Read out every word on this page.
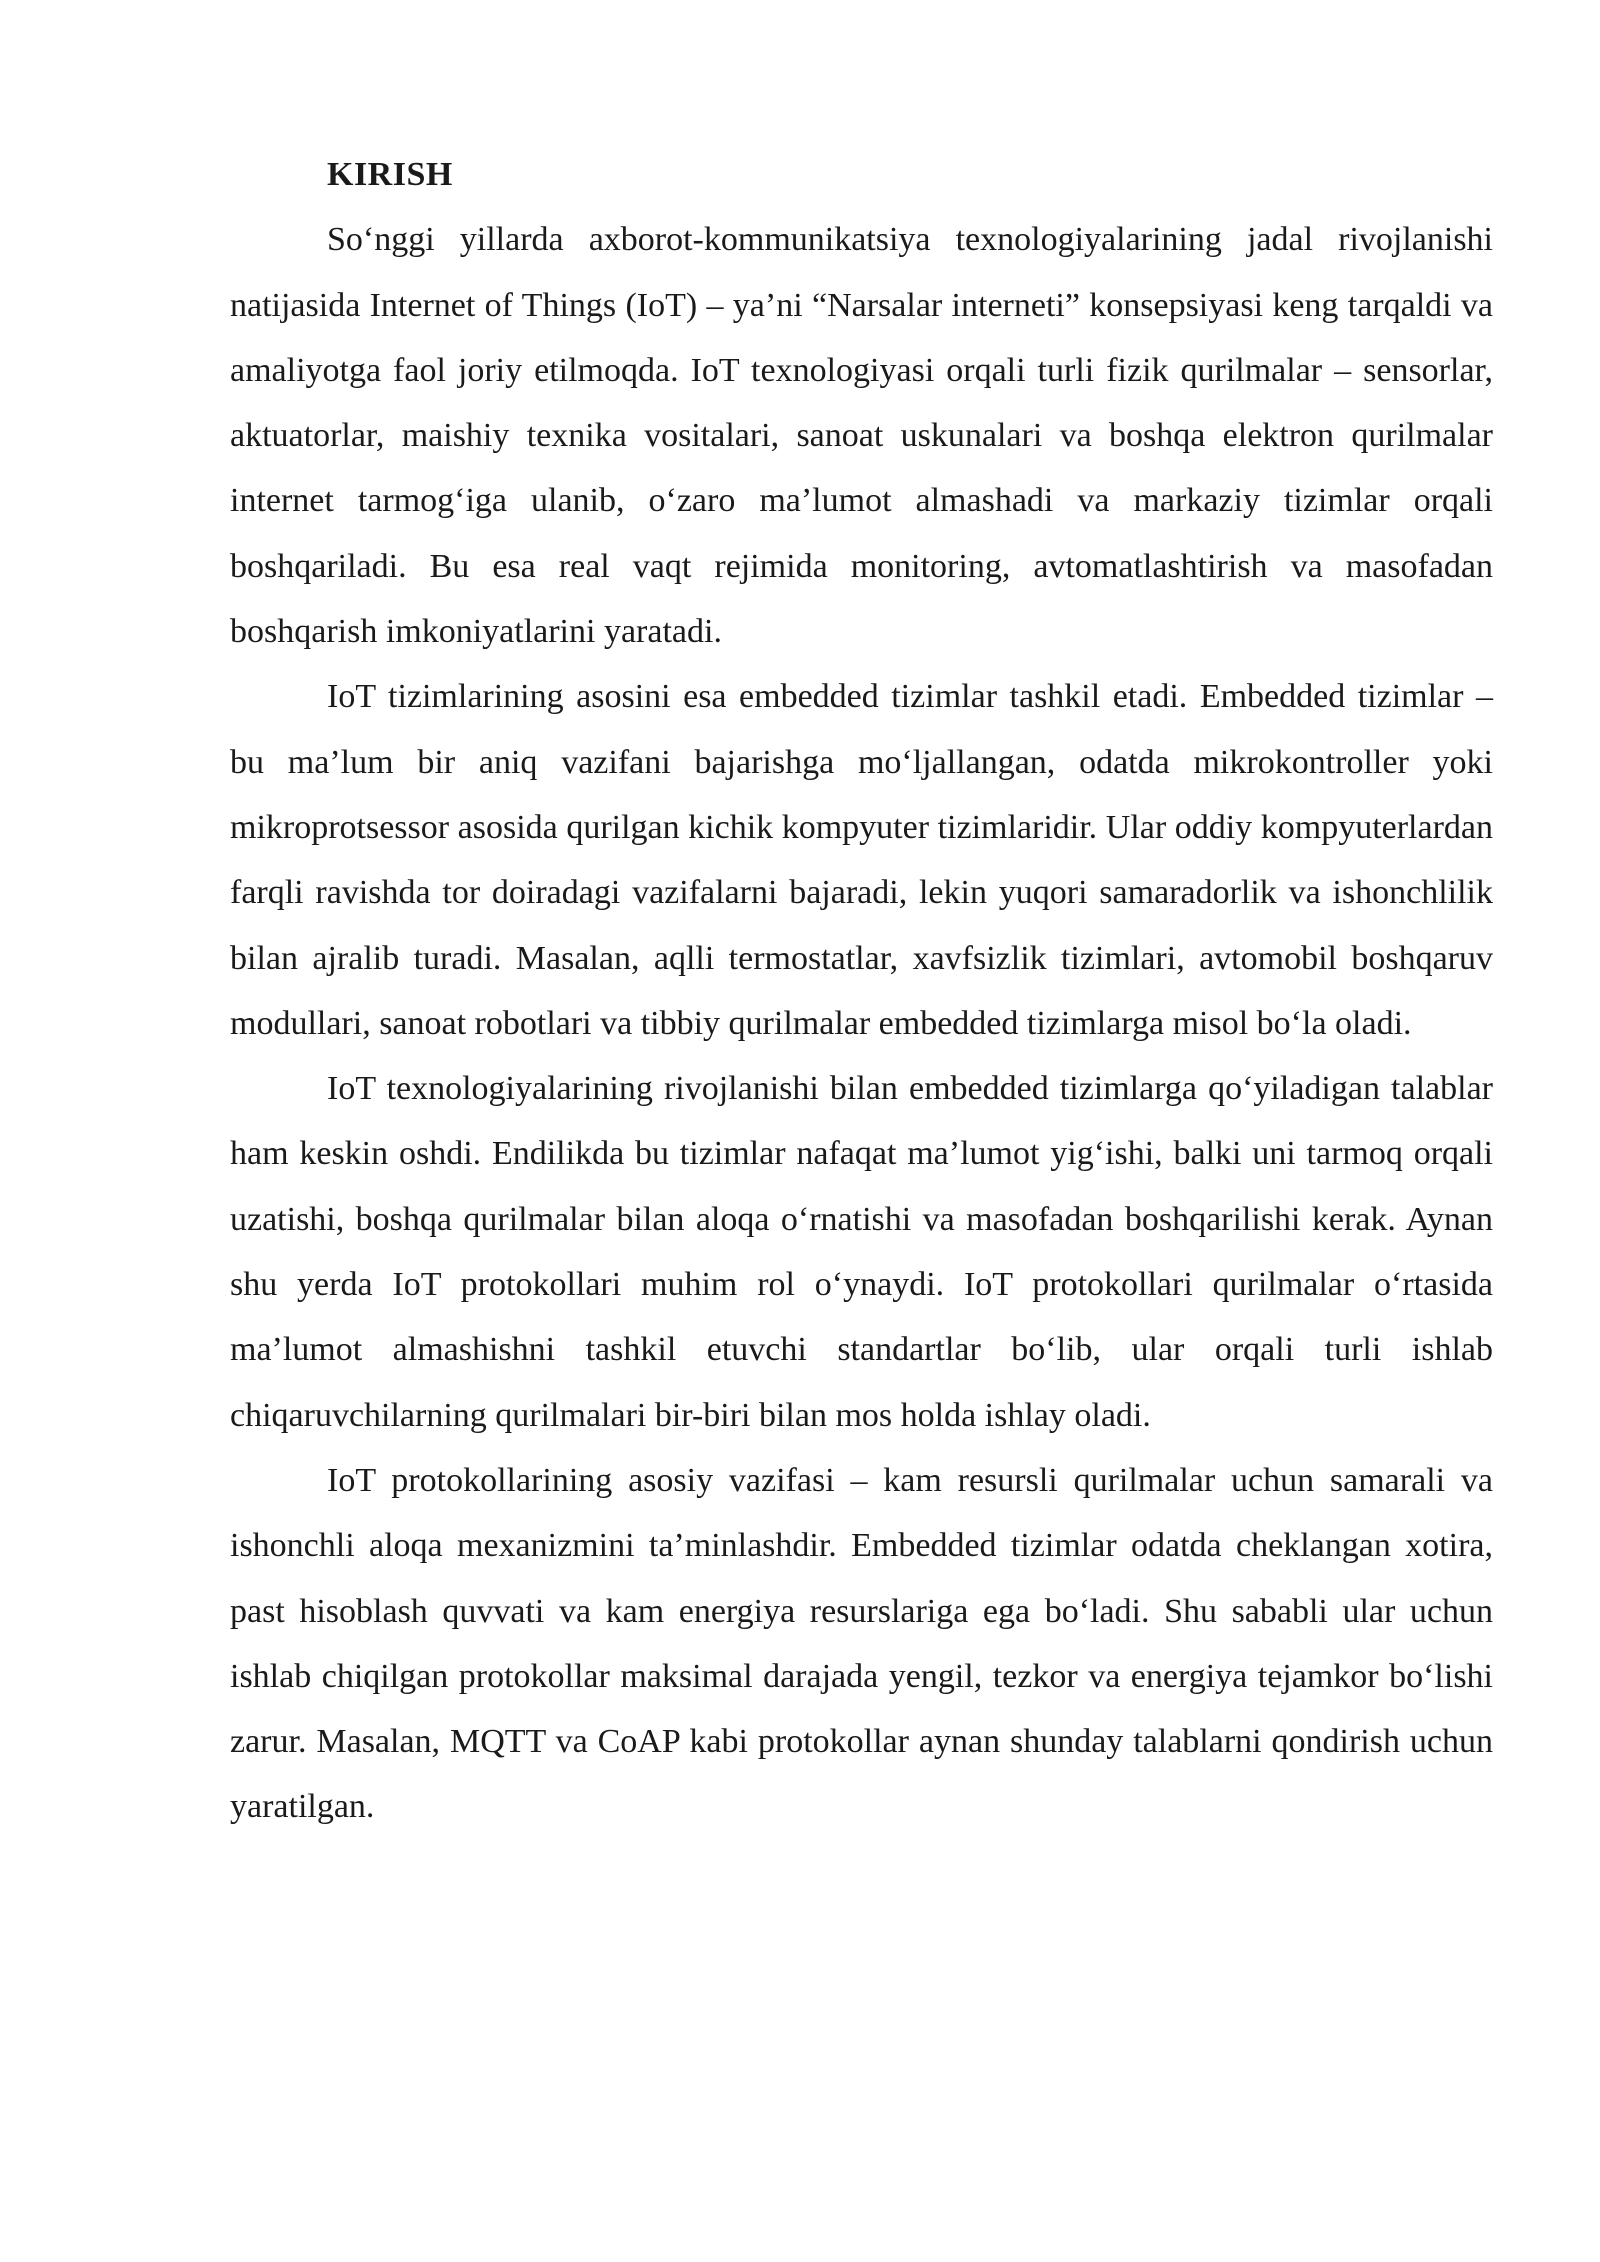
KIRISH

So‘nggi yillarda axborot-kommunikatsiya texnologiyalarining jadal rivojlanishi natijasida Internet of Things (IoT) – ya’ni “Narsalar interneti” konsepsiyasi keng tarqaldi va amaliyotga faol joriy etilmoqda. IoT texnologiyasi orqali turli fizik qurilmalar – sensorlar, aktuatorlar, maishiy texnika vositalari, sanoat uskunalari va boshqa elektron qurilmalar internet tarmog‘iga ulanib, o‘zaro ma’lumot almashadi va markaziy tizimlar orqali boshqariladi. Bu esa real vaqt rejimida monitoring, avtomatlashtirish va masofadan boshqarish imkoniyatlarini yaratadi.

IoT tizimlarining asosini esa embedded tizimlar tashkil etadi. Embedded tizimlar – bu ma’lum bir aniq vazifani bajarishga mo‘ljallangan, odatda mikrokontroller yoki mikroprotsessor asosida qurilgan kichik kompyuter tizimlaridir. Ular oddiy kompyuterlardan farqli ravishda tor doiradagi vazifalarni bajaradi, lekin yuqori samaradorlik va ishonchlilik bilan ajralib turadi. Masalan, aqlli termostatlar, xavfsizlik tizimlari, avtomobil boshqaruv modullari, sanoat robotlari va tibbiy qurilmalar embedded tizimlarga misol bo‘la oladi.

IoT texnologiyalarining rivojlanishi bilan embedded tizimlarga qo‘yiladigan talablar ham keskin oshdi. Endilikda bu tizimlar nafaqat ma’lumot yig‘ishi, balki uni tarmoq orqali uzatishi, boshqa qurilmalar bilan aloqa o‘rnatishi va masofadan boshqarilishi kerak. Aynan shu yerda IoT protokollari muhim rol o‘ynaydi. IoT protokollari qurilmalar o‘rtasida ma’lumot almashishni tashkil etuvchi standartlar bo‘lib, ular orqali turli ishlab chiqaruvchilarning qurilmalari bir-biri bilan mos holda ishlay oladi.

IoT protokollarining asosiy vazifasi – kam resursli qurilmalar uchun samarali va ishonchli aloqa mexanizmini ta’minlashdir. Embedded tizimlar odatda cheklangan xotira, past hisoblash quvvati va kam energiya resurslariga ega bo‘ladi. Shu sababli ular uchun ishlab chiqilgan protokollar maksimal darajada yengil, tezkor va energiya tejamkor bo‘lishi zarur. Masalan, MQTT va CoAP kabi protokollar aynan shunday talablarni qondirish uchun yaratilgan.
